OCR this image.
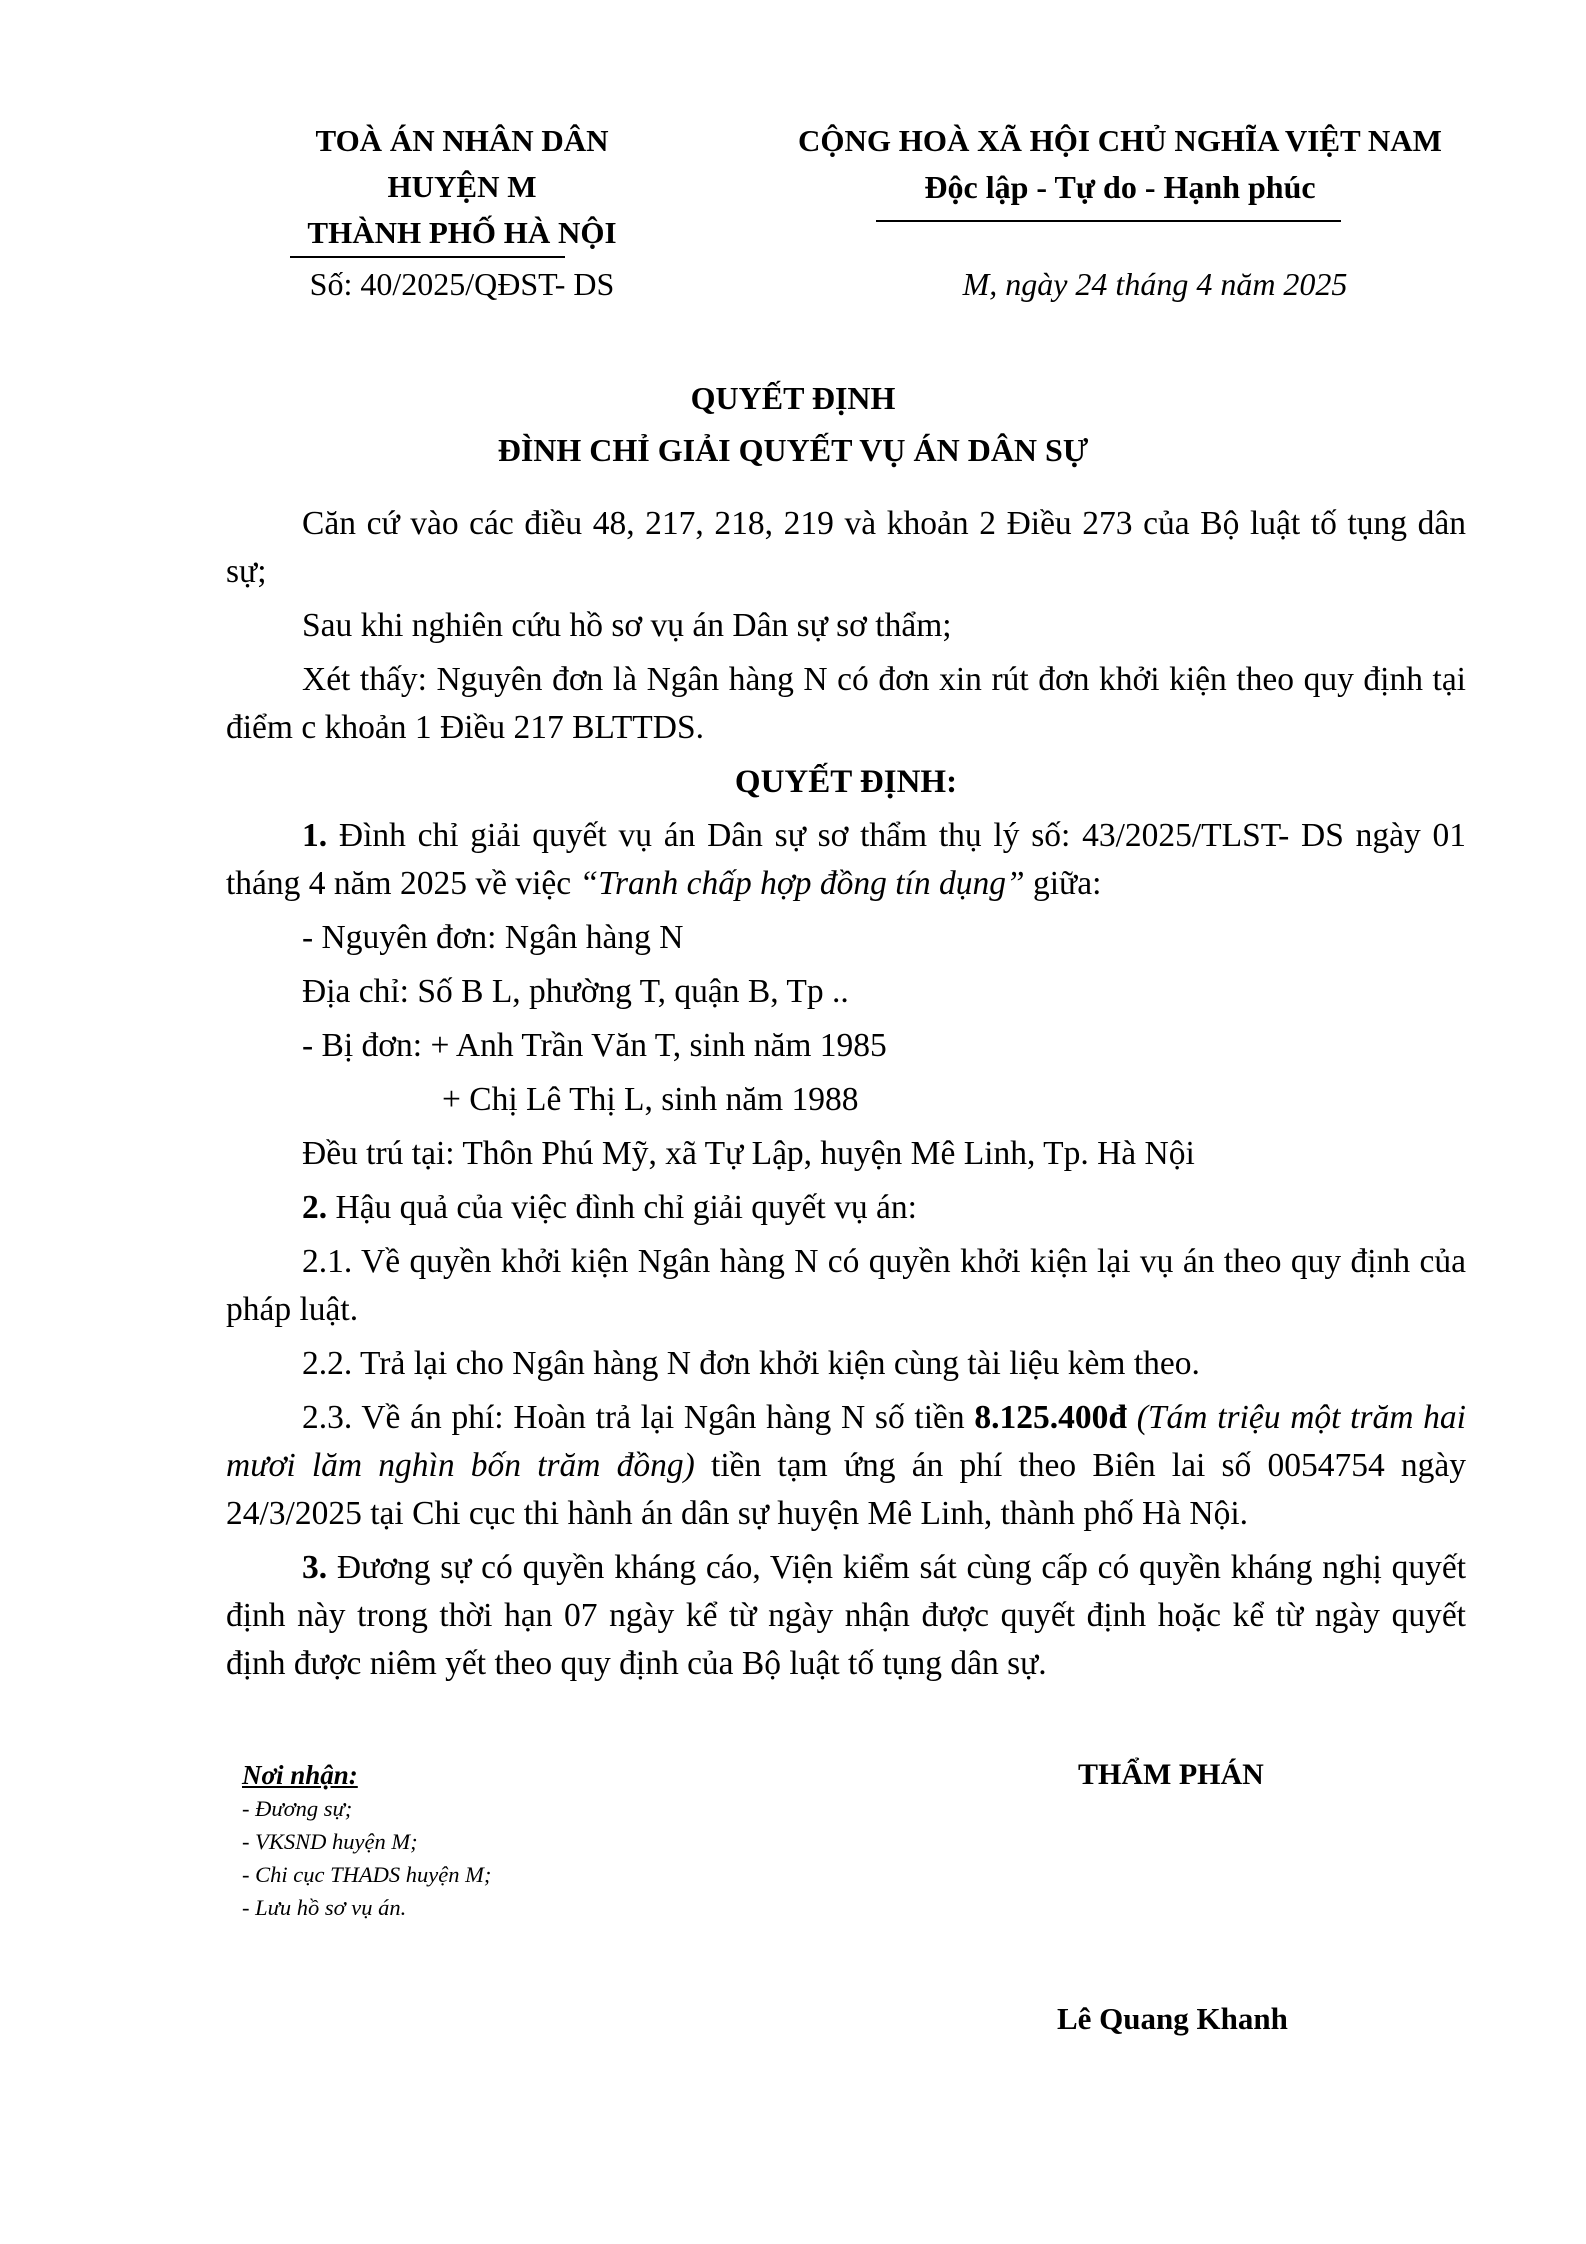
TOÀ ÁN NHÂN DÂN
HUYỆN M
THÀNH PHỐ HÀ NỘI
Số: 40/2025/QĐST- DS
CỘNG HOÀ XÃ HỘI CHỦ NGHĨA VIỆT NAM
Độc lập - Tự do - Hạnh phúc
M, ngày 24 tháng 4 năm 2025
QUYẾT ĐỊNH
ĐÌNH CHỈ GIẢI QUYẾT VỤ ÁN DÂN SỰ

Căn cứ vào các điều 48, 217, 218, 219 và khoản 2 Điều 273 của Bộ luật tố tụng dân sự;

Sau khi nghiên cứu hồ sơ vụ án Dân sự sơ thẩm;

Xét thấy: Nguyên đơn là Ngân hàng N có đơn xin rút đơn khởi kiện theo quy định tại điểm c khoản 1 Điều 217 BLTTDS.

QUYẾT ĐỊNH:

1. Đình chỉ giải quyết vụ án Dân sự sơ thẩm thụ lý số: 43/2025/TLST- DS ngày 01 tháng 4 năm 2025 về việc “Tranh chấp hợp đồng tín dụng” giữa:

- Nguyên đơn: Ngân hàng N

Địa chỉ: Số B L, phường T, quận B, Tp ..

- Bị đơn: + Anh Trần Văn T, sinh năm 1985

+ Chị Lê Thị L, sinh năm 1988

Đều trú tại: Thôn Phú Mỹ, xã Tự Lập, huyện Mê Linh, Tp. Hà Nội

2. Hậu quả của việc đình chỉ giải quyết vụ án:

2.1. Về quyền khởi kiện Ngân hàng N có quyền khởi kiện lại vụ án theo quy định của pháp luật.

2.2. Trả lại cho Ngân hàng N đơn khởi kiện cùng tài liệu kèm theo.

2.3. Về án phí: Hoàn trả lại Ngân hàng N số tiền 8.125.400đ (Tám triệu một trăm hai mươi lăm nghìn bốn trăm đồng) tiền tạm ứng án phí theo Biên lai số 0054754 ngày 24/3/2025 tại Chi cục thi hành án dân sự huyện Mê Linh, thành phố Hà Nội.

3. Đương sự có quyền kháng cáo, Viện kiểm sát cùng cấp có quyền kháng nghị quyết định này trong thời hạn 07 ngày kể từ ngày nhận được quyết định hoặc kể từ ngày quyết định được niêm yết theo quy định của Bộ luật tố tụng dân sự.

Nơi nhận:
- Đương sự;
- VKSND huyện M;
- Chi cục THADS huyện M;
- Lưu hồ sơ vụ án.
THẨM PHÁN
Lê Quang Khanh
